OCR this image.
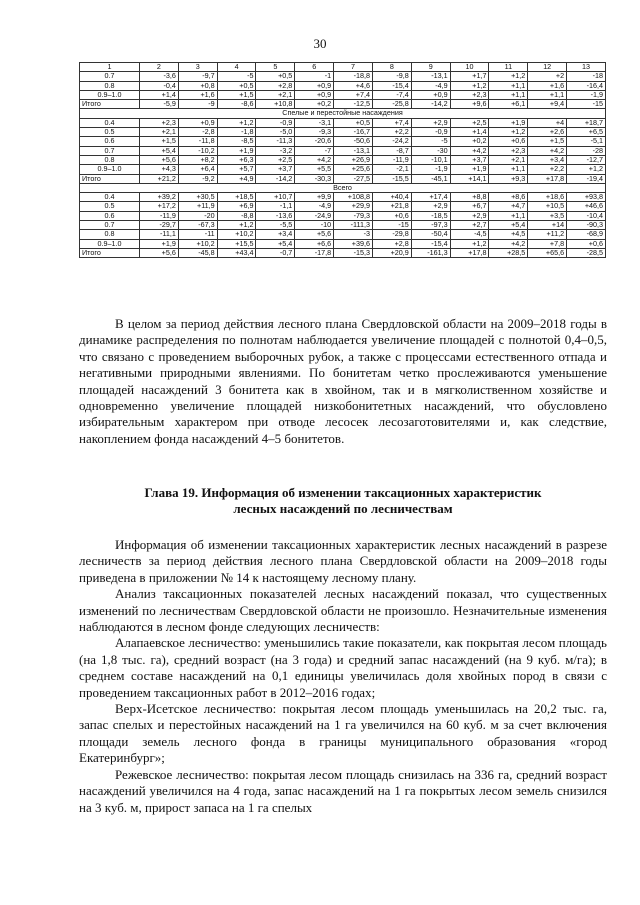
30
1	2	3	4	5	6	7	8	9	10	11	12	13
0.7	-3,6	-9,7	-5	+0,5	-1	-18,8	-9,8	-13,1	+1,7	+1,2	+2	-18
0.8	-0,4	+0,8	+0,5	+2,8	+0,9	+4,6	-15,4	-4,9	+1,2	+1,1	+1,6	-16,4
0.9–1.0	+1,4	+1,6	+1,5	+2,1	+0,9	+7,4	-7,4	+0,9	+2,3	+1,1	+1,1	-1,9
Итого	-5,9	-9	-8,6	+10,8	+0,2	-12,5	-25,8	-14,2	+9,6	+6,1	+9,4	-15
Спелые и перестойные насаждения												
0.4	+2,3	+0,9	+1,2	-0,9	-3,1	+0,5	+7,4	+2,9	+2,5	+1,9	+4	+18,7
0.5	+2,1	-2,8	-1,8	-5,0	-9,3	-16,7	+2,2	-0,9	+1,4	+1,2	+2,6	+6,5
0.6	+1,5	-11,8	-8,5	-11,3	-20,6	-50,6	-24,2	-5	+0,2	+0,6	+1,5	-5,1
0.7	+5,4	-10,2	+1,9	-3,2	-7	-13,1	-8,7	-30	+4,2	+2,3	+4,2	-28
0.8	+5,6	+8,2	+6,3	+2,5	+4,2	+26,9	-11,9	-10,1	+3,7	+2,1	+3,4	-12,7
0.9–1.0	+4,3	+6,4	+5,7	+3,7	+5,5	+25,6	-2,1	-1,9	+1,9	+1,1	+2,2	+1,2
Итого	+21,2	-9,2	+4,9	-14,2	-30,3	-27,5	-15,5	-45,1	+14,1	+9,3	+17,8	-19,4
Всего												
0.4	+39,2	+30,5	+18,5	+10,7	+9,9	+108,8	+40,4	+17,4	+8,8	+8,6	+18,6	+93,8
0.5	+17,2	+11,9	+6,9	-1,1	-4,9	+29,9	+21,8	+2,9	+6,7	+4,7	+10,5	+46,6
0.6	-11,9	-20	-8,8	-13,6	-24,9	-79,3	+0,6	-18,5	+2,9	+1,1	+3,5	-10,4
0.7	-29,7	-67,3	+1,2	-5,5	-10	-111,3	-15	-97,3	+2,7	+5,4	+14	-90,3
0.8	-11,1	-11	+10,2	+3,4	+5,6	-3	-29,8	-50,4	-4,5	+4,5	+11,2	-68,9
0.9–1.0	+1,9	+10,2	+15,5	+5,4	+6,6	+39,6	+2,8	-15,4	+1,2	+4,2	+7,8	+0,6
Итого	+5,6	-45,8	+43,4	-0,7	-17,8	-15,3	+20,9	-161,3	+17,8	+28,5	+65,6	-28,5

В целом за период действия лесного плана Свердловской области на 2009–2018 годы в динамике распределения по полнотам наблюдается увеличение площадей с полнотой 0,4–0,5, что связано с проведением выборочных рубок, а также с процессами естественного отпада и негативными природными явлениями. По бонитетам четко прослеживаются уменьшение площадей насаждений 3 бонитета как в хвойном, так и в мягколиственном хозяйстве и одновременно увеличение площадей низкобонитетных насаждений, что обусловлено избирательным характером при отводе лесосек лесозаготовителями и, как следствие, накоплением фонда насаждений 4–5 бонитетов.

Глава 19. Информация об изменении таксационных характеристик
лесных насаждений по лесничествам

Информация об изменении таксационных характеристик лесных насаждений в разрезе лесничеств за период действия лесного плана Свердловской области на 2009–2018 годы приведена в приложении № 14 к настоящему лесному плану.

Анализ таксационных показателей лесных насаждений показал, что существенных изменений по лесничествам Свердловской области не произошло. Незначительные изменения наблюдаются в лесном фонде следующих лесничеств:

Алапаевское лесничество: уменьшились такие показатели, как покрытая лесом площадь (на 1,8 тыс. га), средний возраст (на 3 года) и средний запас насаждений (на 9 куб. м/га); в среднем составе насаждений на 0,1 единицы увеличилась доля хвойных пород в связи с проведением таксационных работ в 2012–2016 годах;

Верх-Исетское лесничество: покрытая лесом площадь уменьшилась на 20,2 тыс. га, запас спелых и перестойных насаждений на 1 га увеличился на 60 куб. м за счет включения площади земель лесного фонда в границы муниципального образования «город Екатеринбург»;

Режевское лесничество: покрытая лесом площадь снизилась на 336 га, средний возраст насаждений увеличился на 4 года, запас насаждений на 1 га покрытых лесом земель снизился на 3 куб. м, прирост запаса на 1 га спелых
